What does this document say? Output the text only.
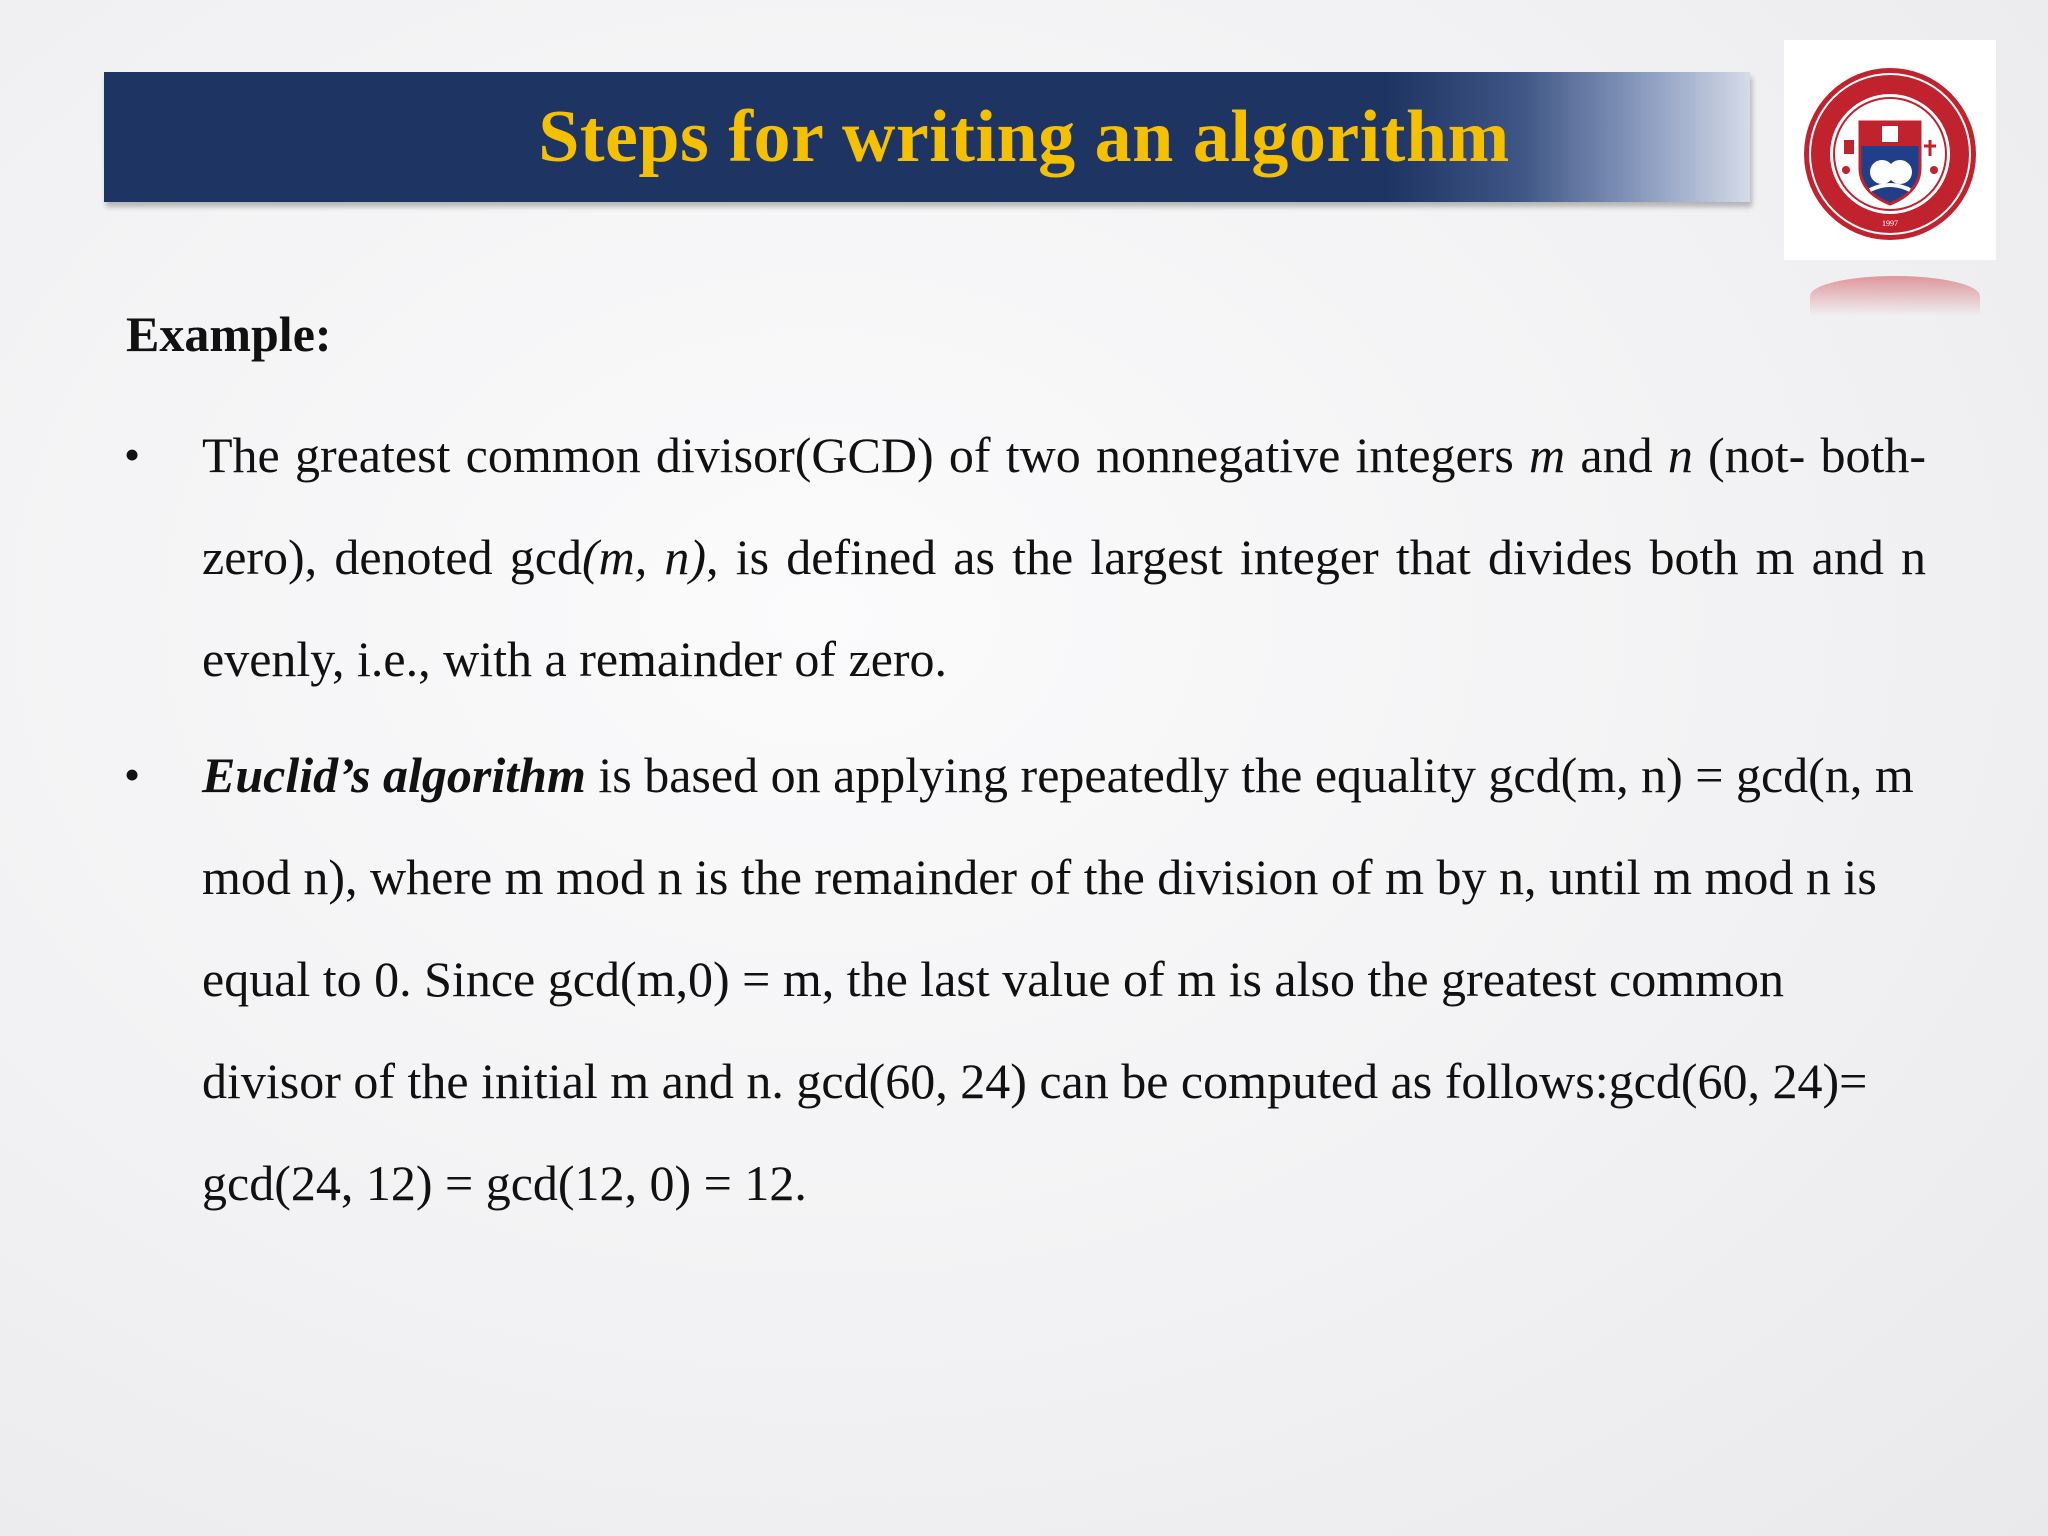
Steps for writing an algorithm
1997
Example:
• The greatest common divisor(GCD) of two nonnegative integers m and n (not- both-zero), denoted gcd(m, n), is defined as the largest integer that divides both m and n evenly, i.e., with a remainder of zero.
• Euclid’s algorithm is based on applying repeatedly the equality gcd(m, n) = gcd(n, m mod n), where m mod n is the remainder of the division of m by n, until m mod n is equal to 0. Since gcd(m,0) = m, the last value of m is also the greatest common divisor of the initial m and n. gcd(60, 24) can be computed as follows:gcd(60, 24)= gcd(24, 12) = gcd(12, 0) = 12.
